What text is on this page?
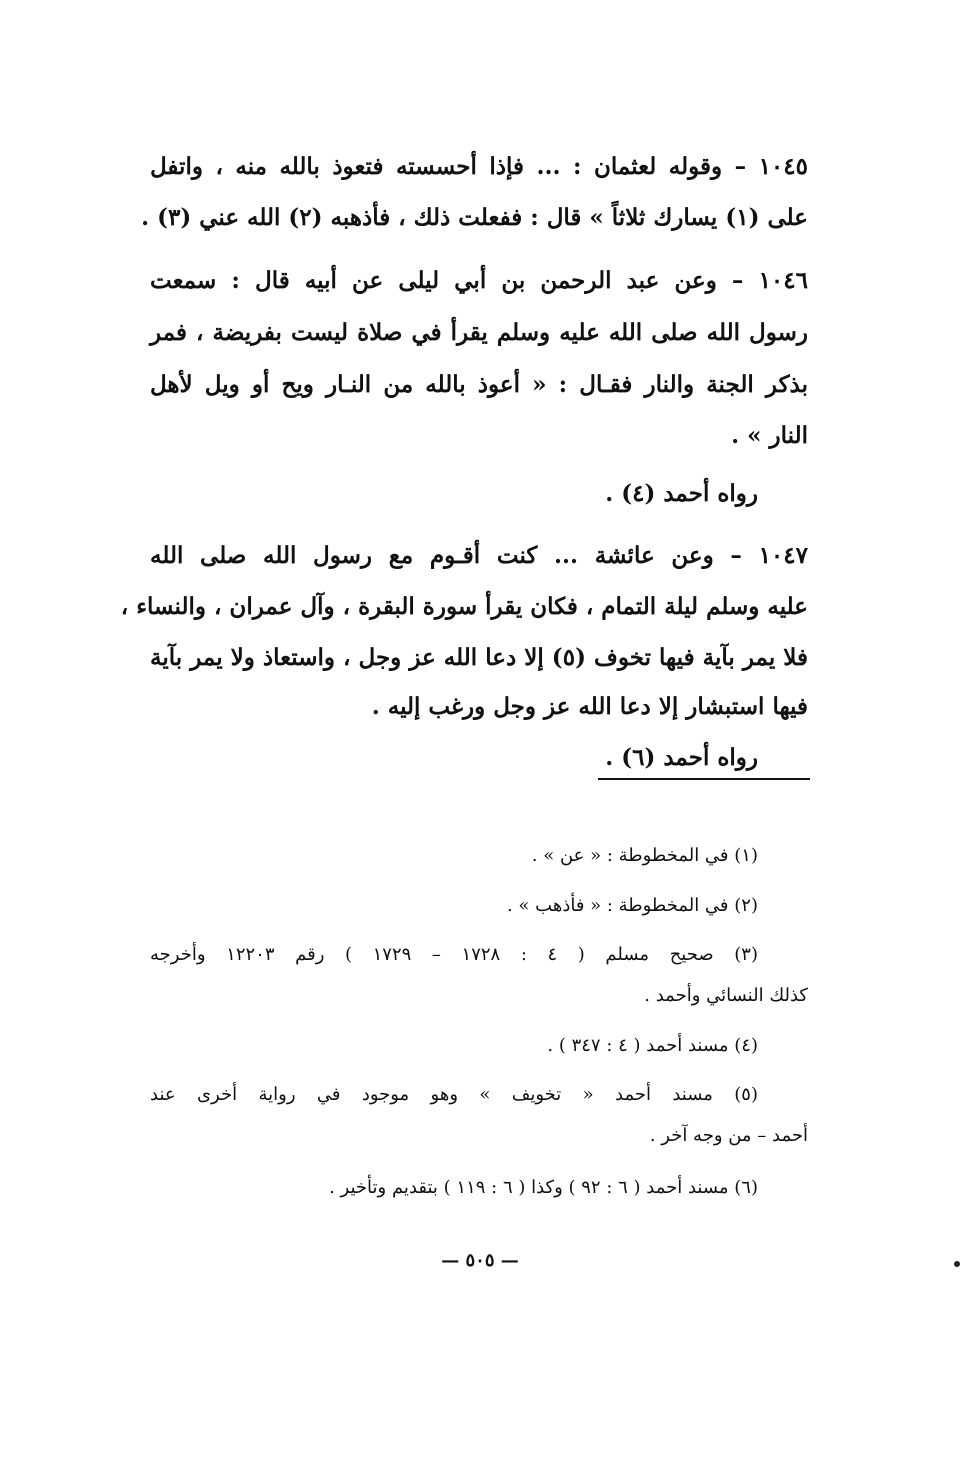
١٠٤٥ – وقوله لعثمان : ... فإذا أحسسته فتعوذ بالله منه ، واتفل
على (١) يسارك ثلاثاً » قال : ففعلت ذلك ، فأذهبه (٢) الله عني (٣) .
١٠٤٦ – وعن عبد الرحمن بن أبي ليلى عن أبيه قال : سمعت
رسول الله صلى الله عليه وسلم يقرأ في صلاة ليست بفريضة ، فمر
بذكر الجنة والنار فقـال : « أعوذ بالله من النـار ويح أو ويل لأهل
النار » .
رواه أحمد (٤) .
١٠٤٧ – وعن عائشة ... كنت أقـوم مع رسول الله صلى الله
عليه وسلم ليلة التمام ، فكان يقرأ سورة البقرة ، وآل عمران ، والنساء ،
فلا يمر بآية فيها تخوف (٥) إلا دعا الله عز وجل ، واستعاذ ولا يمر بآية
فيها استبشار إلا دعا الله عز وجل ورغب إليه .
رواه أحمد (٦) .
(١) في المخطوطة : « عن » .
(٢) في المخطوطة : « فأذهب » .
(٣) صحيح مسلم ( ٤ : ١٧٢٨ – ١٧٢٩ ) رقم ١٢٢٠٣ وأخرجه
كذلك النسائي وأحمد .
(٤) مسند أحمد ( ٤ : ٣٤٧ ) .
(٥) مسند أحمد « تخويف » وهو موجود في رواية أخرى عند
أحمد – من وجه آخر .
(٦) مسند أحمد ( ٦ : ٩٢ ) وكذا ( ٦ : ١١٩ ) بتقديم وتأخير .
— ٥٠٥ —
